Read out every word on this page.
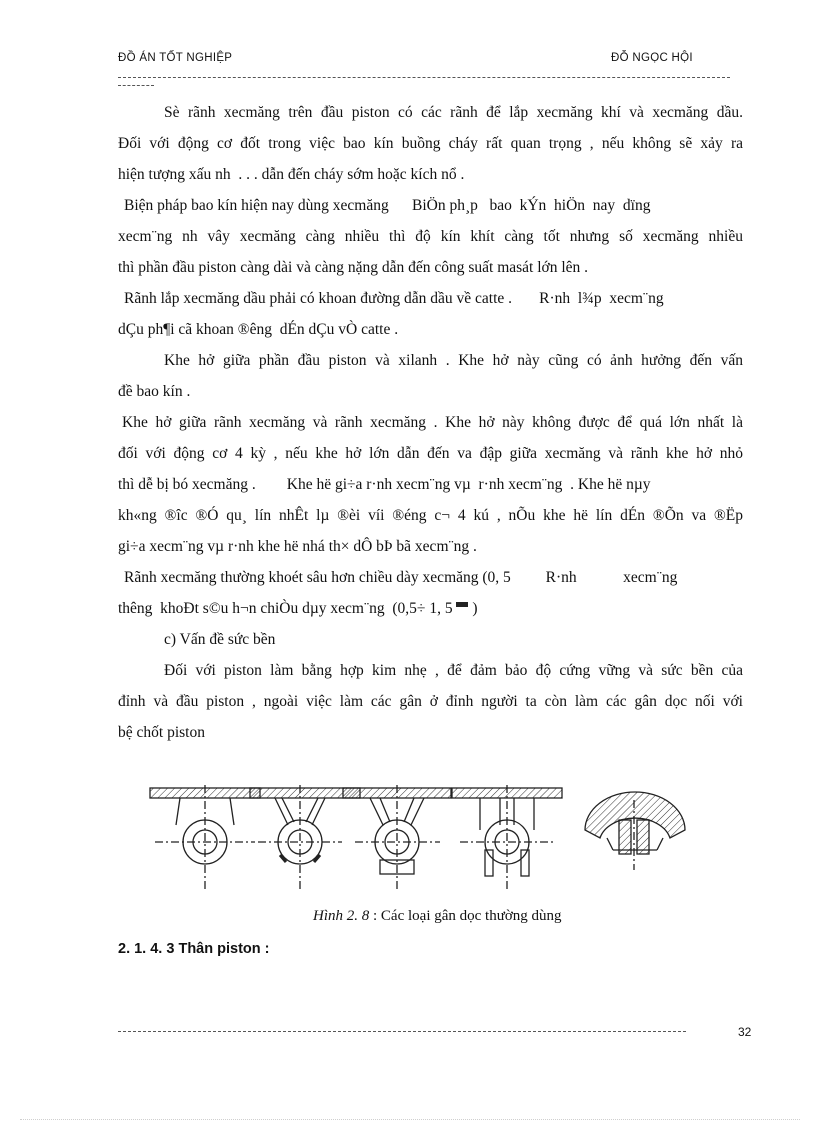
ĐỒ ÁN TỐT NGHIỆP	ĐỖ NGỌC HỘI
Sè rãnh xecmăng trên đầu piston có các rãnh để lắp xecmăng khí và xecmăng dầu.
Đối với động cơ đốt trong việc bao kín buồng cháy rất quan trọng , nếu không sẽ xảy ra
hiện tượng xấu nh  . . . dẫn đến cháy sớm hoặc kích nổ .
Biện pháp bao kín hiện nay dùng xecmăng      BiÖn ph¸p   bao  kÝn  hiÖn  nay  dïng
xecm¨ng nh vây xecmăng càng nhiều thì độ kín khít càng tốt nhưng số xecmăng nhiều
thì phần đầu piston càng dài và càng nặng dẫn đến công suất masát lớn lên .
Rãnh lắp xecmăng dầu phải có khoan đường dẫn dầu về catte .       R·nh  l¾p  xecm¨ng
dÇu ph¶i cã khoan ®êng  dÉn dÇu vÒ catte .
Khe hở giữa phần đầu piston và xilanh . Khe hở này cũng có ảnh hưởng đến vấn
đề bao kín .
Khe hở giữa rãnh xecmăng và rãnh xecmăng . Khe hở này không được để quá lớn nhất là
đối với động cơ 4 kỳ , nếu khe hở lớn dẫn đến va đập giữa xecmăng và rãnh khe hở nhỏ
thì dễ bị bó xecmăng .        Khe hë gi÷a r·nh xecm¨ng vµ  r·nh xecm¨ng  . Khe hë nµy
kh«ng ®îc ®Ó qu¸ lín nhÊt lµ ®èi víi ®éng c¬ 4 kú , nÕu khe hë lín dÉn ®Õn va ®Ëp
gi÷a xecm¨ng vµ r·nh khe hë nhá th× dÔ bÞ bã xecm¨ng .
Rãnh xecmăng thường khoét sâu hơn chiều dày xecmăng (0, 5         R·nh            xecm¨ng
thêng  khoÐt s©u h¬n chiÒu dµy xecm¨ng  (0,5÷ 1, 5  )
c) Vấn đề sức bền
Đối với piston làm bằng hợp kim nhẹ , để đảm bảo độ cứng vững và sức bền của
đỉnh và đầu piston , ngoài việc làm các gân ở đỉnh người ta còn làm các gân dọc nối với
bệ chốt piston
Hình 2. 8 : Các loại gân dọc thường dùng
2. 1. 4. 3 Thân piston :
32
